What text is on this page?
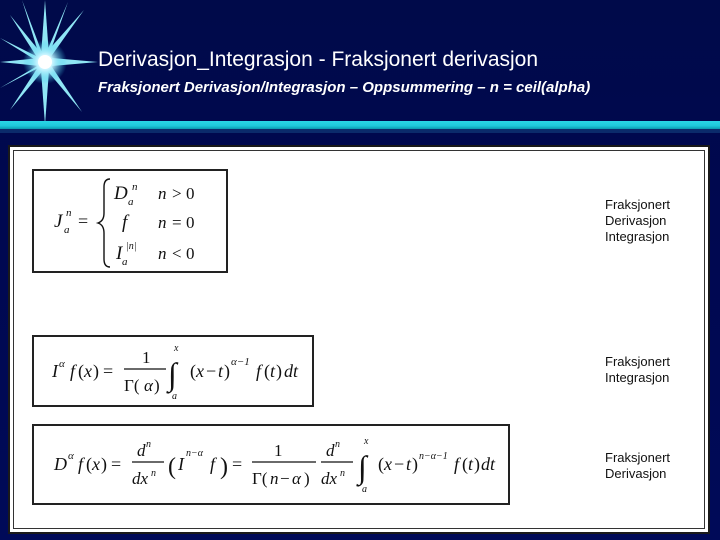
Derivasjon_Integrasjon - Fraksjonert derivasjon
Fraksjonert Derivasjon/Integrasjon – Oppsummering – n = ceil(alpha)
J a
n =
D a
n n > 0
f n = 0
I a
|n| n < 0
Fraksjonert
Derivasjon
Integrasjon
I α f ( x ) =
1
Γ( α )
x
∫
a
( x − t ) α−1 f ( t ) dt	Fraksjonert
Integrasjon
D α f ( x ) =
d n
dx n ( I
n−α
f ) =
1
Γ( n − α )
d n
dx n
x
∫
a
( x − t ) n−α−1 f ( t ) dt	Fraksjonert
Derivasjon
